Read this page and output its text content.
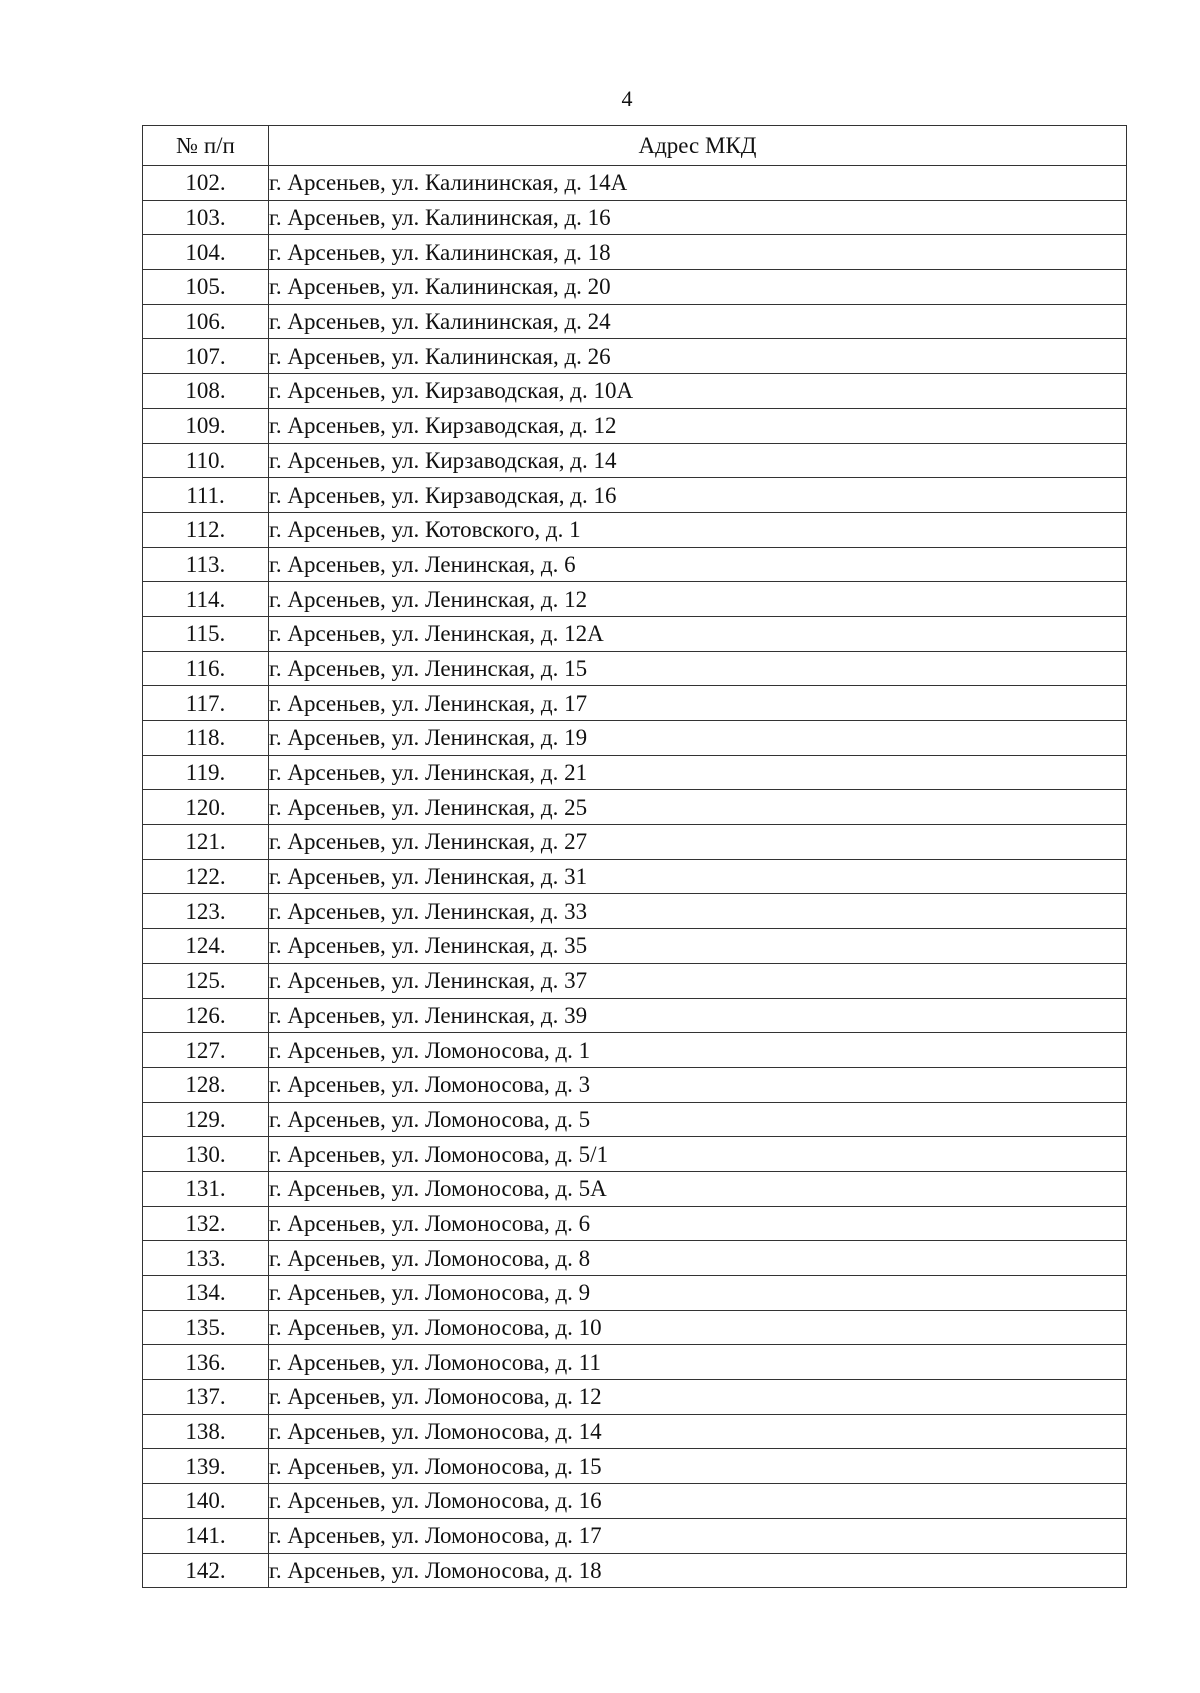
4
№ п/п	Адрес МКД
102.	г. Арсеньев, ул. Калининская, д. 14А
103.	г. Арсеньев, ул. Калининская, д. 16
104.	г. Арсеньев, ул. Калининская, д. 18
105.	г. Арсеньев, ул. Калининская, д. 20
106.	г. Арсеньев, ул. Калининская, д. 24
107.	г. Арсеньев, ул. Калининская, д. 26
108.	г. Арсеньев, ул. Кирзаводская, д. 10А
109.	г. Арсеньев, ул. Кирзаводская, д. 12
110.	г. Арсеньев, ул. Кирзаводская, д. 14
111.	г. Арсеньев, ул. Кирзаводская, д. 16
112.	г. Арсеньев, ул. Котовского, д. 1
113.	г. Арсеньев, ул. Ленинская, д. 6
114.	г. Арсеньев, ул. Ленинская, д. 12
115.	г. Арсеньев, ул. Ленинская, д. 12А
116.	г. Арсеньев, ул. Ленинская, д. 15
117.	г. Арсеньев, ул. Ленинская, д. 17
118.	г. Арсеньев, ул. Ленинская, д. 19
119.	г. Арсеньев, ул. Ленинская, д. 21
120.	г. Арсеньев, ул. Ленинская, д. 25
121.	г. Арсеньев, ул. Ленинская, д. 27
122.	г. Арсеньев, ул. Ленинская, д. 31
123.	г. Арсеньев, ул. Ленинская, д. 33
124.	г. Арсеньев, ул. Ленинская, д. 35
125.	г. Арсеньев, ул. Ленинская, д. 37
126.	г. Арсеньев, ул. Ленинская, д. 39
127.	г. Арсеньев, ул. Ломоносова, д. 1
128.	г. Арсеньев, ул. Ломоносова, д. 3
129.	г. Арсеньев, ул. Ломоносова, д. 5
130.	г. Арсеньев, ул. Ломоносова, д. 5/1
131.	г. Арсеньев, ул. Ломоносова, д. 5А
132.	г. Арсеньев, ул. Ломоносова, д. 6
133.	г. Арсеньев, ул. Ломоносова, д. 8
134.	г. Арсеньев, ул. Ломоносова, д. 9
135.	г. Арсеньев, ул. Ломоносова, д. 10
136.	г. Арсеньев, ул. Ломоносова, д. 11
137.	г. Арсеньев, ул. Ломоносова, д. 12
138.	г. Арсеньев, ул. Ломоносова, д. 14
139.	г. Арсеньев, ул. Ломоносова, д. 15
140.	г. Арсеньев, ул. Ломоносова, д. 16
141.	г. Арсеньев, ул. Ломоносова, д. 17
142.	г. Арсеньев, ул. Ломоносова, д. 18
